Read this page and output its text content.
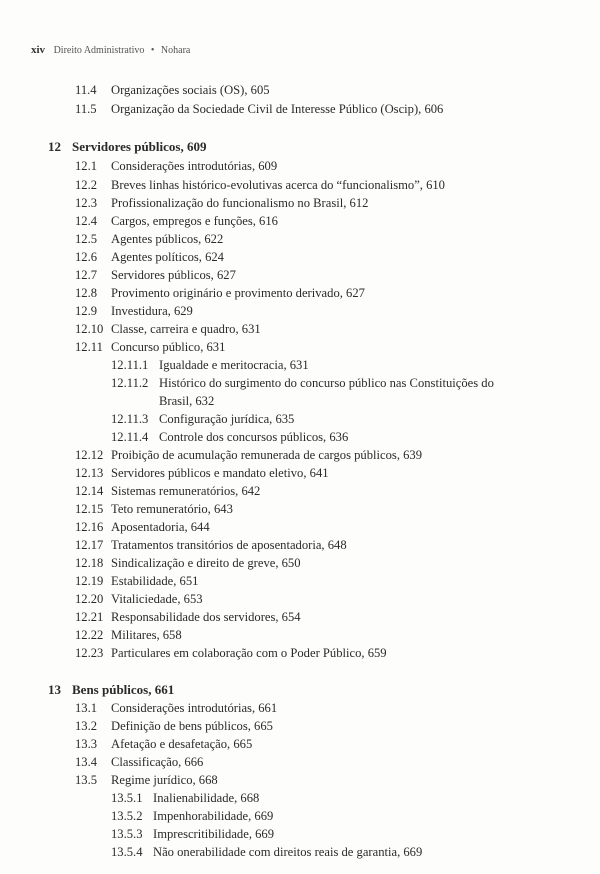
xiv Direito Administrativo • Nohara
11.4 Organizações sociais (OS), 605
11.5 Organização da Sociedade Civil de Interesse Público (Oscip), 606
12 Servidores públicos, 609
12.1 Considerações introdutórias, 609
12.2 Breves linhas histórico-evolutivas acerca do “funcionalismo”, 610
12.3 Profissionalização do funcionalismo no Brasil, 612
12.4 Cargos, empregos e funções, 616
12.5 Agentes públicos, 622
12.6 Agentes políticos, 624
12.7 Servidores públicos, 627
12.8 Provimento originário e provimento derivado, 627
12.9 Investidura, 629
12.10 Classe, carreira e quadro, 631
12.11 Concurso público, 631
12.11.1 Igualdade e meritocracia, 631
12.11.2 Histórico do surgimento do concurso público nas Constituições do
Brasil, 632
12.11.3 Configuração jurídica, 635
12.11.4 Controle dos concursos públicos, 636
12.12 Proibição de acumulação remunerada de cargos públicos, 639
12.13 Servidores públicos e mandato eletivo, 641
12.14 Sistemas remuneratórios, 642
12.15 Teto remuneratório, 643
12.16 Aposentadoria, 644
12.17 Tratamentos transitórios de aposentadoria, 648
12.18 Sindicalização e direito de greve, 650
12.19 Estabilidade, 651
12.20 Vitaliciedade, 653
12.21 Responsabilidade dos servidores, 654
12.22 Militares, 658
12.23 Particulares em colaboração com o Poder Público, 659
13 Bens públicos, 661
13.1 Considerações introdutórias, 661
13.2 Definição de bens públicos, 665
13.3 Afetação e desafetação, 665
13.4 Classificação, 666
13.5 Regime jurídico, 668
13.5.1 Inalienabilidade, 668
13.5.2 Impenhorabilidade, 669
13.5.3 Imprescritibilidade, 669
13.5.4 Não onerabilidade com direitos reais de garantia, 669
